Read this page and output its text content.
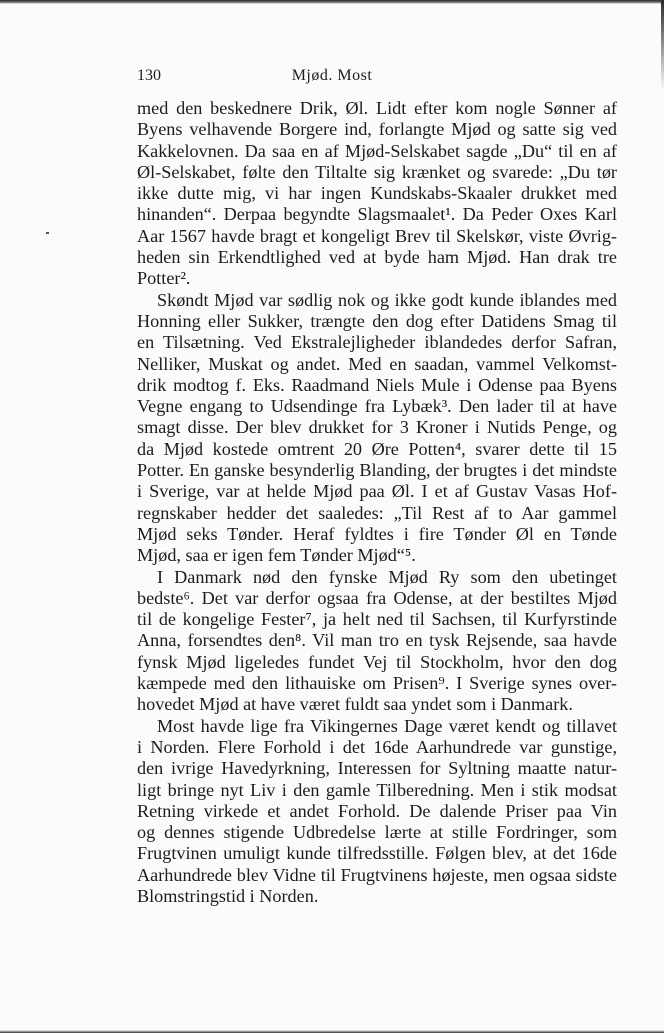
130	Mjød. Most
med den beskednere Drik, Øl. Lidt efter kom nogle Sønner af
Byens velhavende Borgere ind, forlangte Mjød og satte sig ved
Kakkelovnen. Da saa en af Mjød-Selskabet sagde „Du“ til en af
Øl-Selskabet, følte den Tiltalte sig krænket og svarede: „Du tør
ikke dutte mig, vi har ingen Kundskabs-Skaaler drukket med
hinanden“. Derpaa begyndte Slagsmaalet¹. Da Peder Oxes Karl
Aar 1567 havde bragt et kongeligt Brev til Skelskør, viste Øvrig-
heden sin Erkendtlighed ved at byde ham Mjød. Han drak tre
Potter².
Skøndt Mjød var sødlig nok og ikke godt kunde iblandes med
Honning eller Sukker, trængte den dog efter Datidens Smag til
en Tilsætning. Ved Ekstralejligheder iblandedes derfor Safran,
Nelliker, Muskat og andet. Med en saadan, vammel Velkomst-
drik modtog f. Eks. Raadmand Niels Mule i Odense paa Byens
Vegne engang to Udsendinge fra Lybæk³. Den lader til at have
smagt disse. Der blev drukket for 3 Kroner i Nutids Penge, og
da Mjød kostede omtrent 20 Øre Potten⁴, svarer dette til 15
Potter. En ganske besynderlig Blanding, der brugtes i det mindste
i Sverige, var at helde Mjød paa Øl. I et af Gustav Vasas Hof-
regnskaber hedder det saaledes: „Til Rest af to Aar gammel
Mjød seks Tønder. Heraf fyldtes i fire Tønder Øl en Tønde
Mjød, saa er igen fem Tønder Mjød“⁵.
I Danmark nød den fynske Mjød Ry som den ubetinget
bedste⁶. Det var derfor ogsaa fra Odense, at der bestiltes Mjød
til de kongelige Fester⁷, ja helt ned til Sachsen, til Kurfyrstinde
Anna, forsendtes den⁸. Vil man tro en tysk Rejsende, saa havde
fynsk Mjød ligeledes fundet Vej til Stockholm, hvor den dog
kæmpede med den lithauiske om Prisen⁹. I Sverige synes over-
hovedet Mjød at have været fuldt saa yndet som i Danmark.
Most havde lige fra Vikingernes Dage været kendt og tillavet
i Norden. Flere Forhold i det 16de Aarhundrede var gunstige,
den ivrige Havedyrkning, Interessen for Syltning maatte natur-
ligt bringe nyt Liv i den gamle Tilberedning. Men i stik modsat
Retning virkede et andet Forhold. De dalende Priser paa Vin
og dennes stigende Udbredelse lærte at stille Fordringer, som
Frugtvinen umuligt kunde tilfredsstille. Følgen blev, at det 16de
Aarhundrede blev Vidne til Frugtvinens højeste, men ogsaa sidste
Blomstringstid i Norden.
